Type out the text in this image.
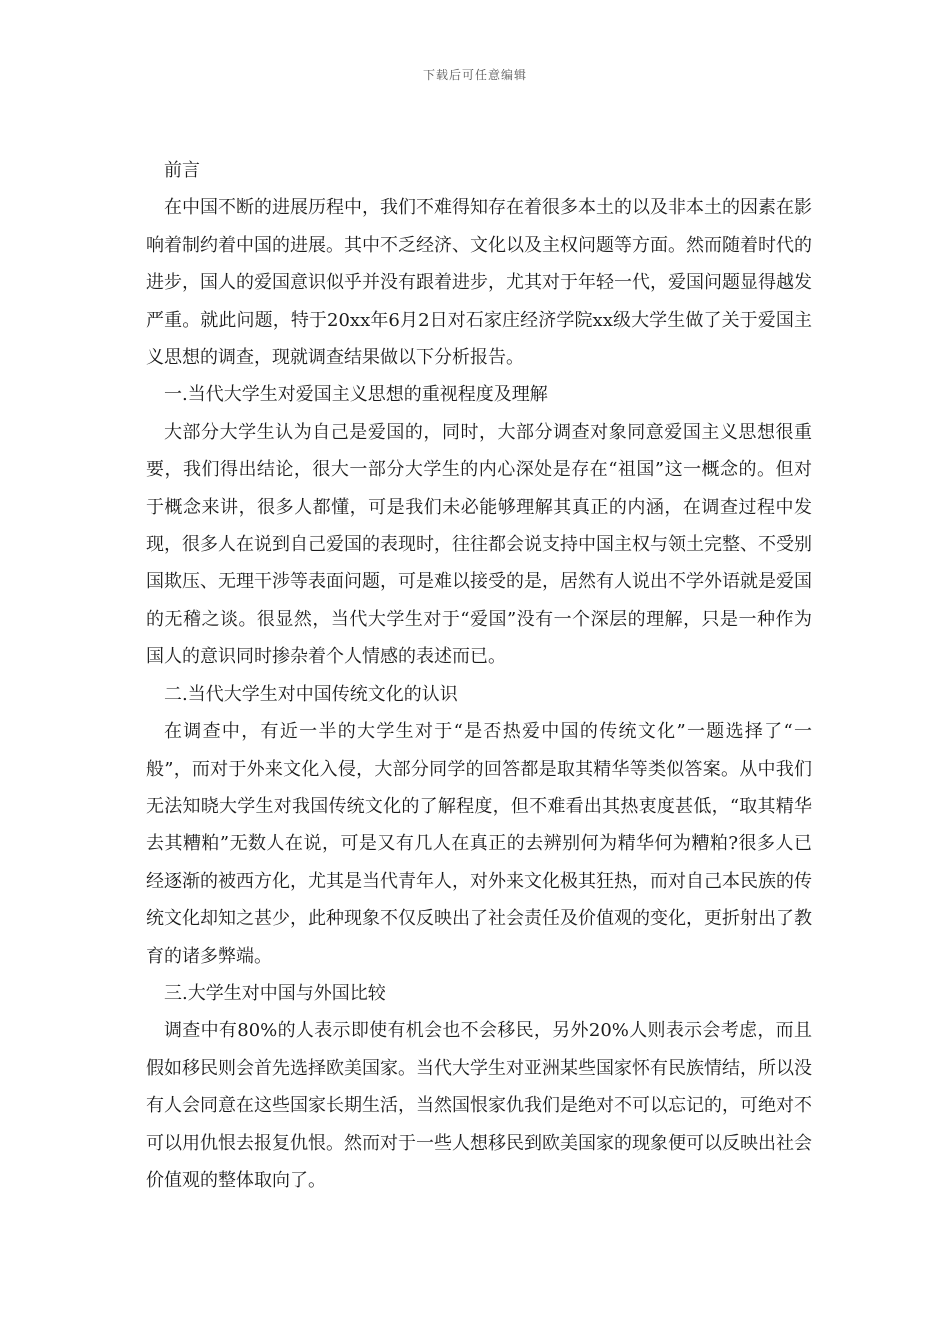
下载后可任意编辑

前言

在中国不断的进展历程中，我们不难得知存在着很多本土的以及非本土的因素在影响着制约着中国的进展。其中不乏经济、文化以及主权问题等方面。然而随着时代的进步，国人的爱国意识似乎并没有跟着进步，尤其对于年轻一代，爱国问题显得越发严重。就此问题，特于20xx年6月2日对石家庄经济学院xx级大学生做了关于爱国主义思想的调查，现就调查结果做以下分析报告。

一.当代大学生对爱国主义思想的重视程度及理解

大部分大学生认为自己是爱国的，同时，大部分调查对象同意爱国主义思想很重要，我们得出结论，很大一部分大学生的内心深处是存在“祖国”这一概念的。但对于概念来讲，很多人都懂，可是我们未必能够理解其真正的内涵，在调查过程中发现，很多人在说到自己爱国的表现时，往往都会说支持中国主权与领土完整、不受别国欺压、无理干涉等表面问题，可是难以接受的是，居然有人说出不学外语就是爱国的无稽之谈。很显然，当代大学生对于“爱国”没有一个深层的理解，只是一种作为国人的意识同时掺杂着个人情感的表述而已。

二.当代大学生对中国传统文化的认识

在调查中，有近一半的大学生对于“是否热爱中国的传统文化”一题选择了“一般”，而对于外来文化入侵，大部分同学的回答都是取其精华等类似答案。从中我们无法知晓大学生对我国传统文化的了解程度，但不难看出其热衷度甚低，“取其精华去其糟粕”无数人在说，可是又有几人在真正的去辨别何为精华何为糟粕?很多人已经逐渐的被西方化，尤其是当代青年人，对外来文化极其狂热，而对自己本民族的传统文化却知之甚少，此种现象不仅反映出了社会责任及价值观的变化，更折射出了教育的诸多弊端。

三.大学生对中国与外国比较

调查中有80%的人表示即使有机会也不会移民，另外20%人则表示会考虑，而且假如移民则会首先选择欧美国家。当代大学生对亚洲某些国家怀有民族情结，所以没有人会同意在这些国家长期生活，当然国恨家仇我们是绝对不可以忘记的，可绝对不可以用仇恨去报复仇恨。然而对于一些人想移民到欧美国家的现象便可以反映出社会价值观的整体取向了。
